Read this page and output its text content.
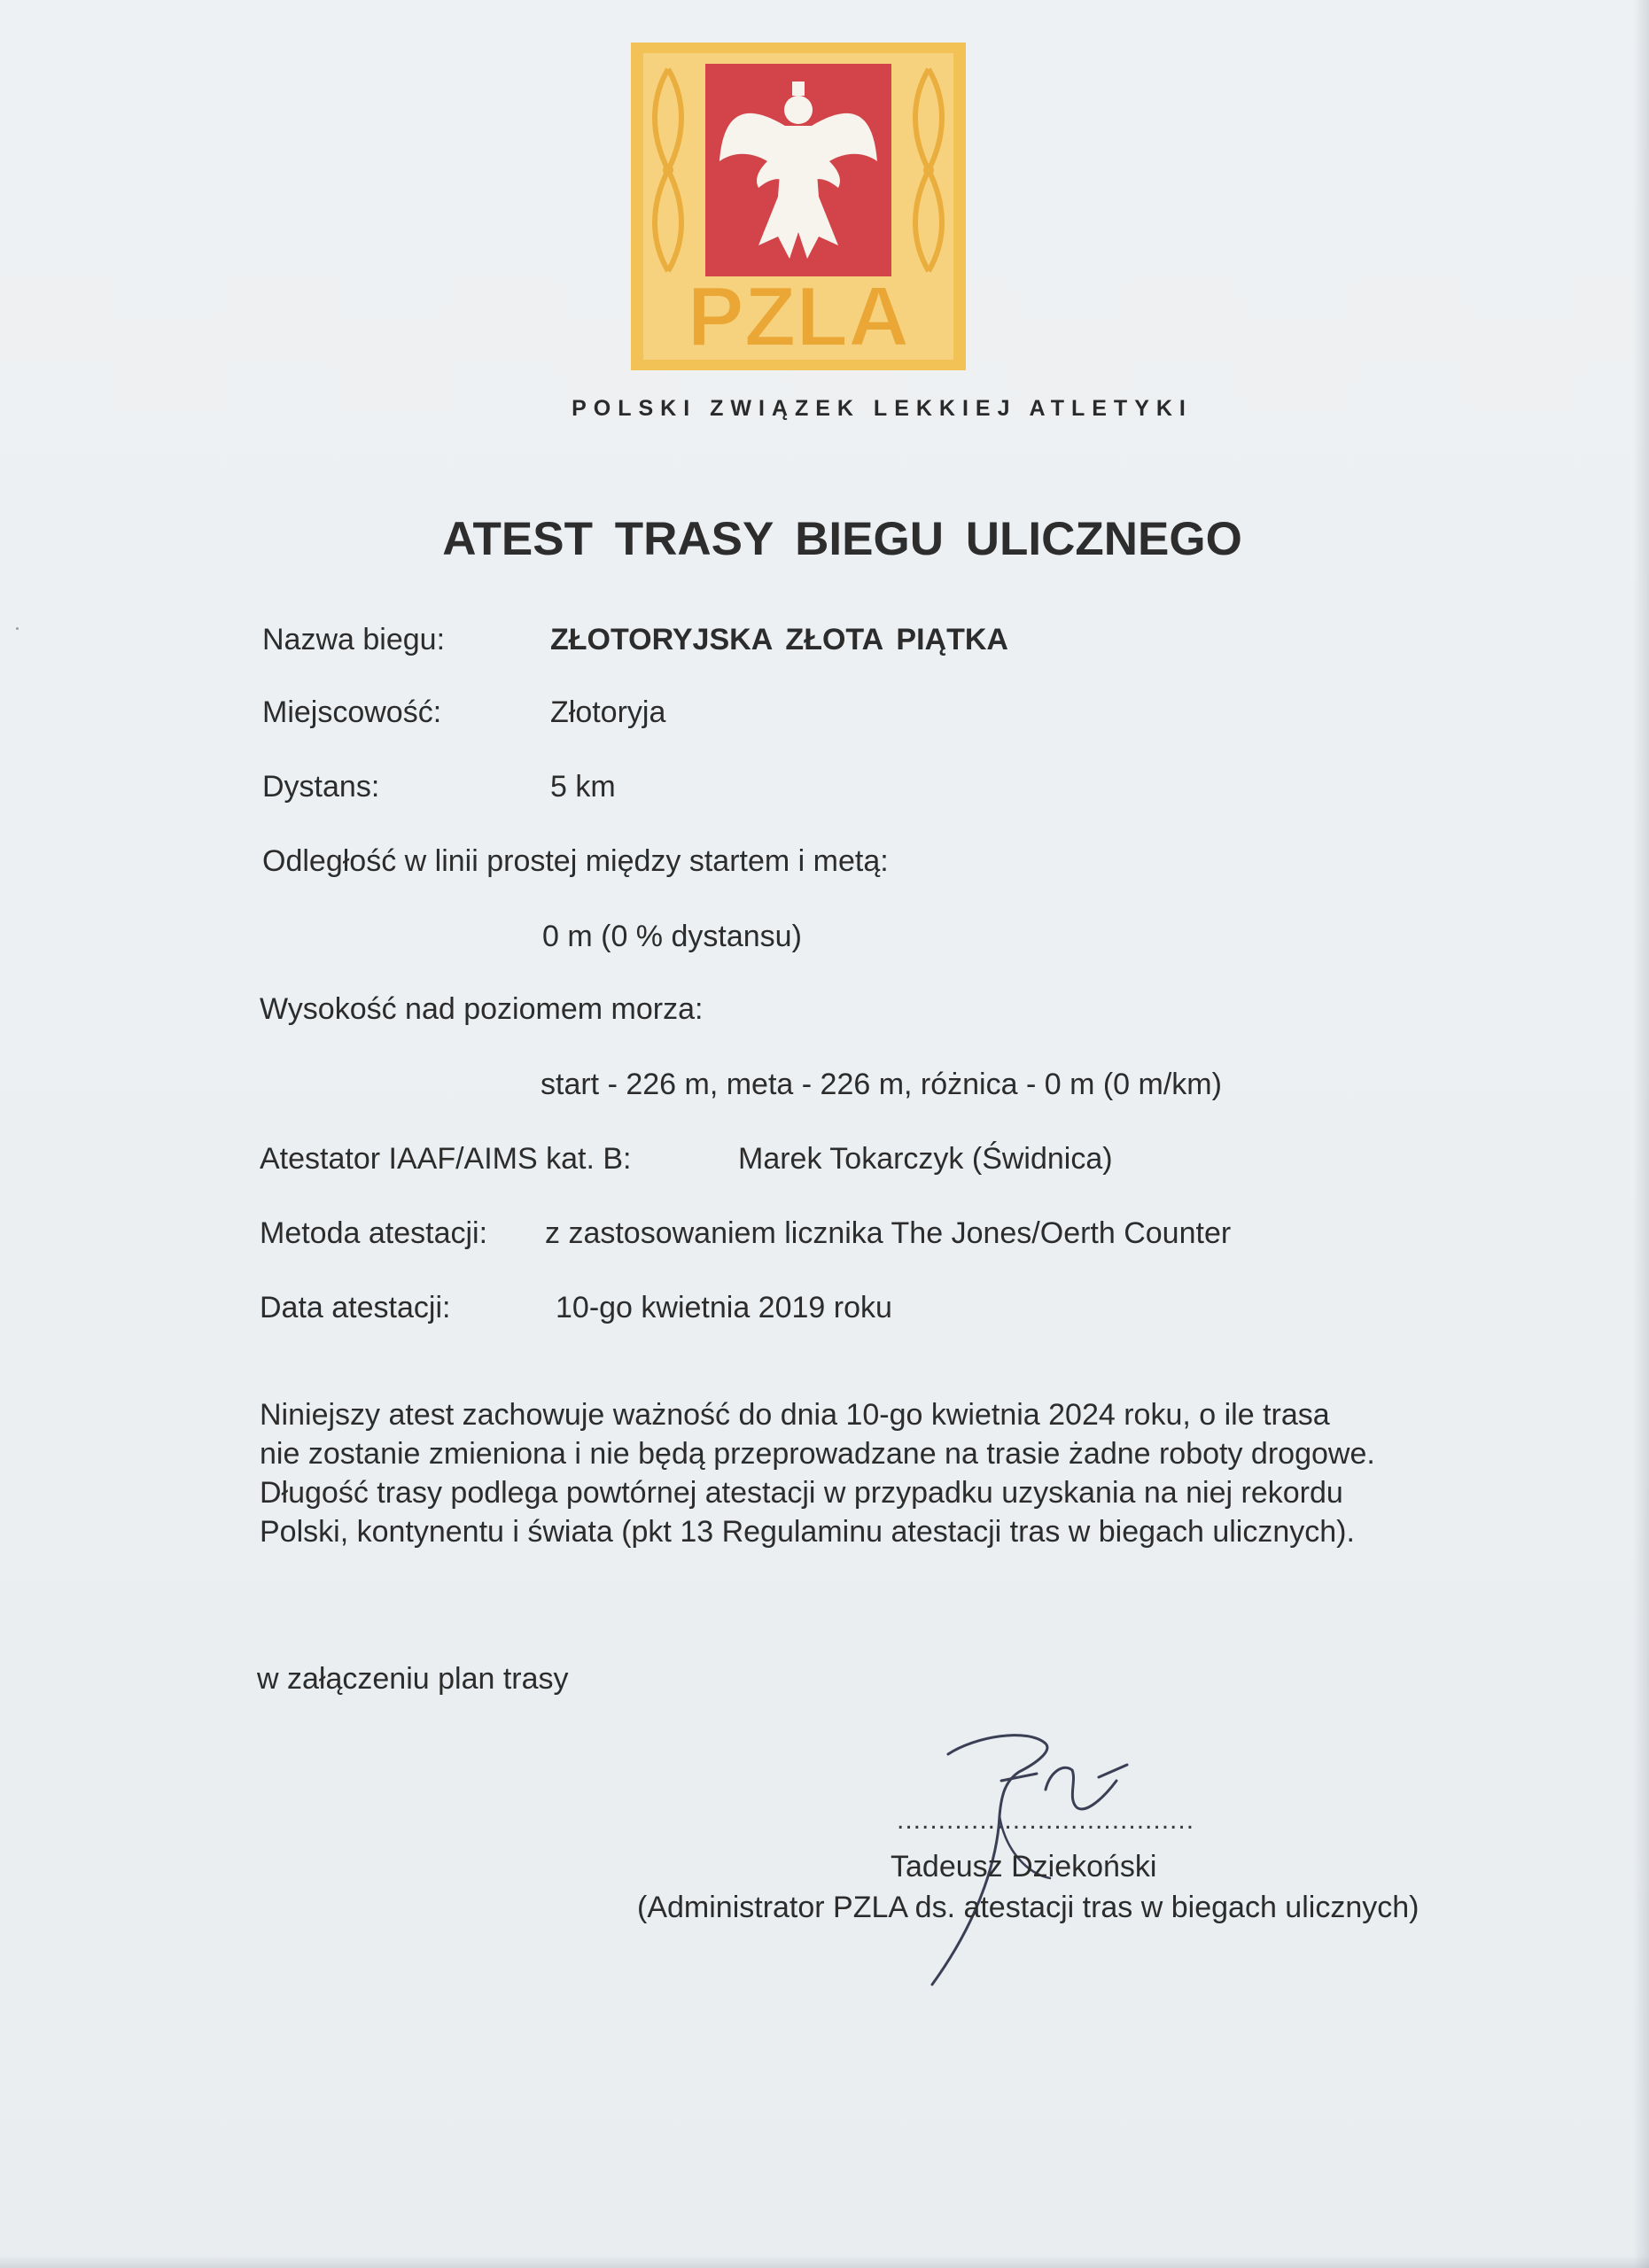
PZLA
POLSKI ZWIĄZEK LEKKIEJ ATLETYKI
ATEST TRASY BIEGU ULICZNEGO
Nazwa biegu:	ZŁOTORYJSKA ZŁOTA PIĄTKA
Miejscowość:	Złotoryja
Dystans:	5 km
Odległość w linii prostej między startem i metą:
0 m (0 % dystansu)
Wysokość nad poziomem morza:
start - 226 m, meta - 226 m, różnica - 0 m (0 m/km)
Atestator IAAF/AIMS kat. B:	Marek Tokarczyk (Świdnica)
Metoda atestacji: z zastosowaniem licznika The Jones/Oerth Counter
Data atestacji:	10-go kwietnia 2019 roku
Niniejszy atest zachowuje ważność do dnia 10-go kwietnia 2024 roku, o ile trasa
nie zostanie zmieniona i nie będą przeprowadzane na trasie żadne roboty drogowe.
Długość trasy podlega powtórnej atestacji w przypadku uzyskania na niej rekordu
Polski, kontynentu i świata (pkt 13 Regulaminu atestacji tras w biegach ulicznych).
w załączeniu plan trasy
....................................
Tadeusz Dziekoński
(Administrator PZLA ds. atestacji tras w biegach ulicznych)
